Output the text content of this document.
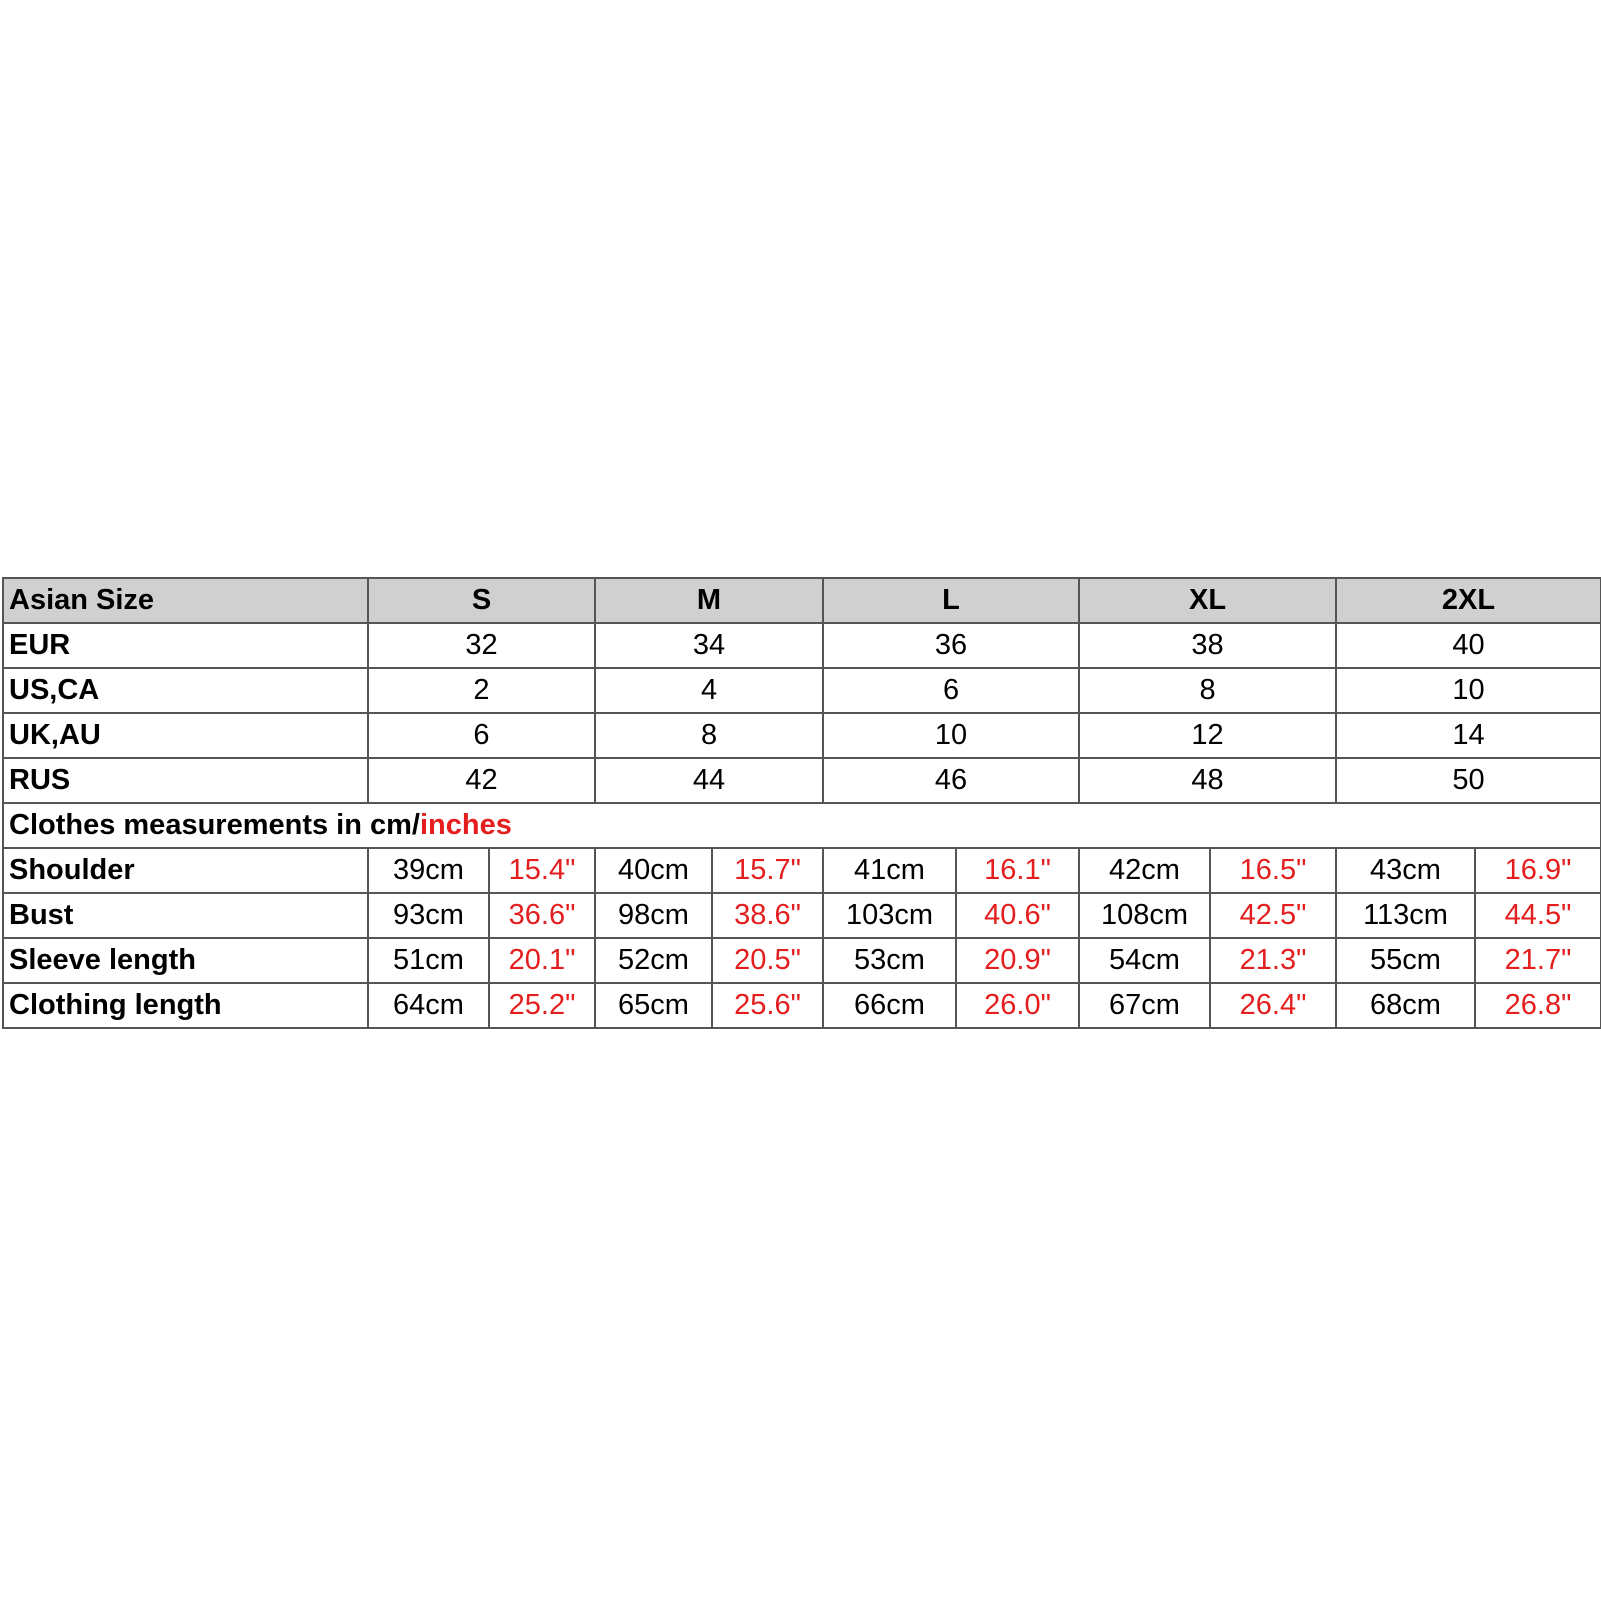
Asian Size	S		M		L		XL		2XL	
EUR	32		34		36		38		40	
US,CA	2		4		6		8		10	
UK,AU	6		8		10		12		14	
RUS	42		44		46		48		50	
Clothes measurements in cm/inches										
Shoulder	39cm	15.4"	40cm	15.7"	41cm	16.1"	42cm	16.5"	43cm	16.9"
Bust	93cm	36.6"	98cm	38.6"	103cm	40.6"	108cm	42.5"	113cm	44.5"
Sleeve length	51cm	20.1"	52cm	20.5"	53cm	20.9"	54cm	21.3"	55cm	21.7"
Clothing length	64cm	25.2"	65cm	25.6"	66cm	26.0"	67cm	26.4"	68cm	26.8"
